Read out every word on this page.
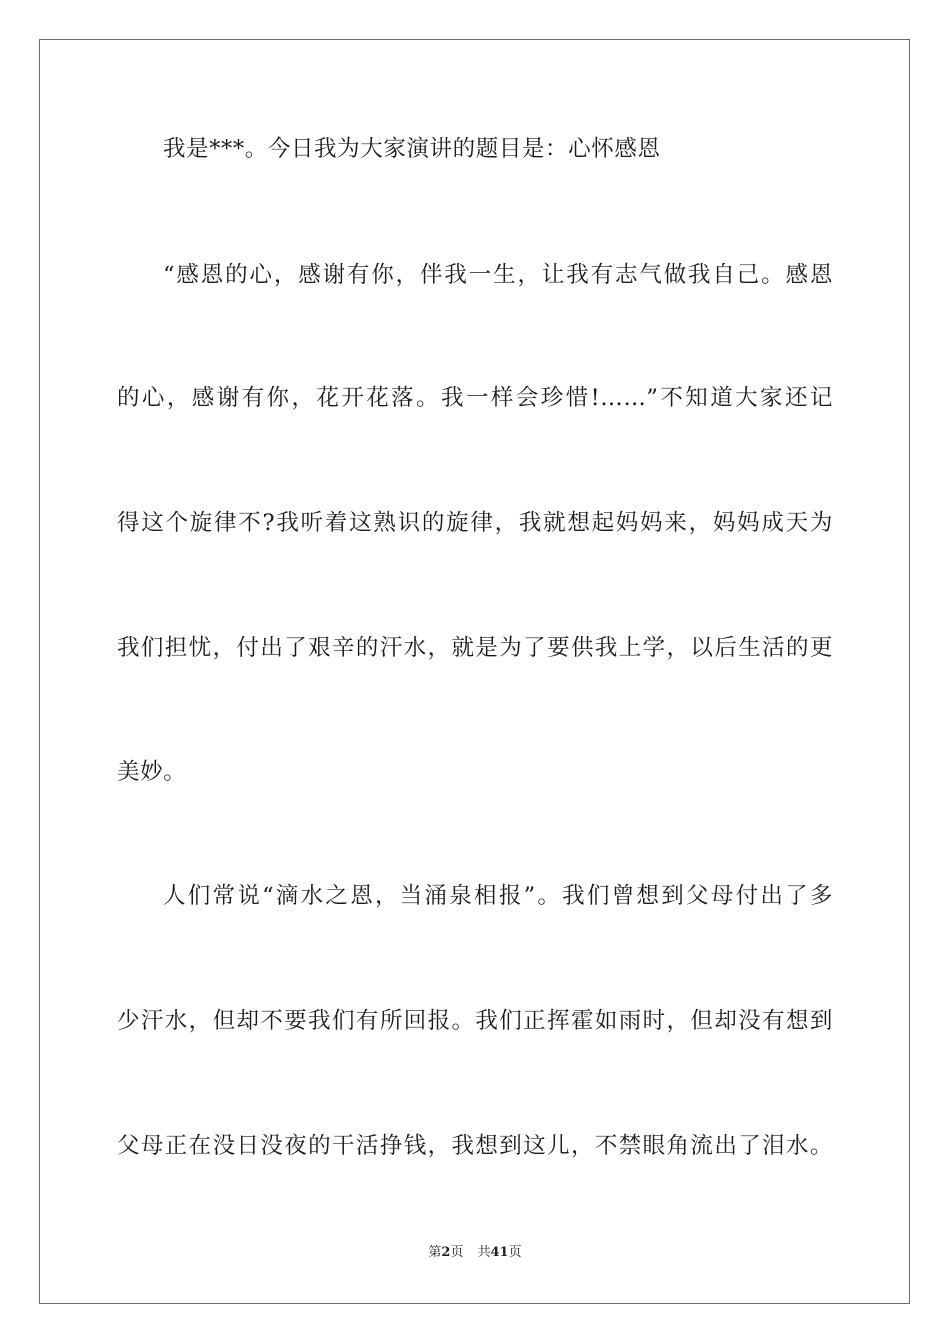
我是***。今日我为大家演讲的题目是：心怀感恩
“感恩的心，感谢有你，伴我一生，让我有志气做我自己。感恩
的心，感谢有你，花开花落。我一样会珍惜!……”不知道大家还记
得这个旋律不?我听着这熟识的旋律，我就想起妈妈来，妈妈成天为
我们担忧，付出了艰辛的汗水，就是为了要供我上学，以后生活的更
美妙。
人们常说“滴水之恩，当涌泉相报”。我们曾想到父母付出了多
少汗水，但却不要我们有所回报。我们正挥霍如雨时，但却没有想到
父母正在没日没夜的干活挣钱，我想到这儿，不禁眼角流出了泪水。
第2页 共41页
